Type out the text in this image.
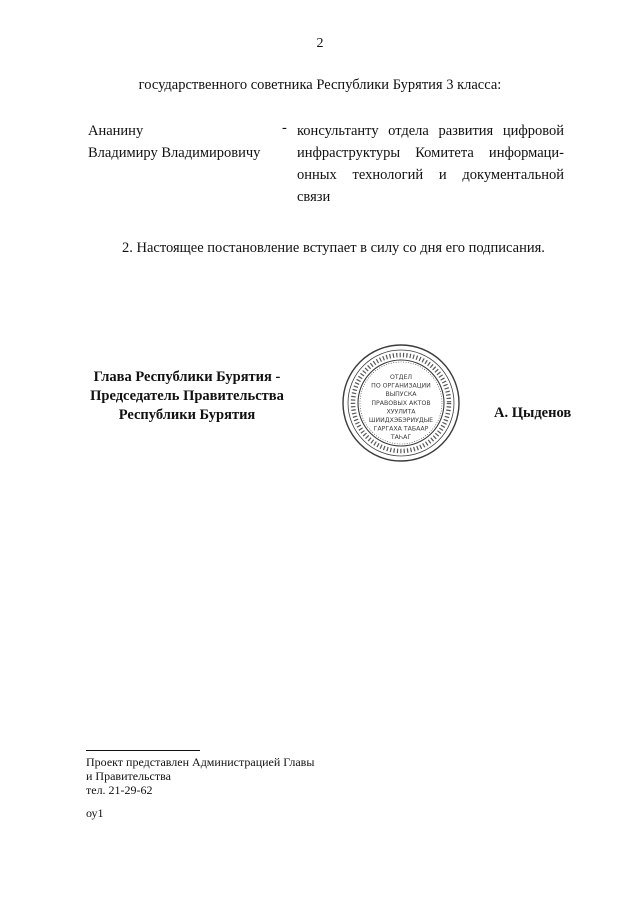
2
государственного советника Республики Бурятия 3 класса:
Ананину
Владимиру Владимировичу
- консультанту отдела развития цифровой
инфраструктуры Комитета информаци-
онных технологий и документальной
связи
2. Настоящее постановление вступает в силу со дня его подписания.
Глава Республики Бурятия -
Председатель Правительства
Республики Бурятия
ОТДЕЛ
ПО ОРГАНИЗАЦИИ
ВЫПУСКА
ПРАВОВЫХ АКТОВ
ХУУЛИТА
ШИИДХЭБЭРИУДЫЕ
ГАРГАХА ТАБААР
ТАҺАГ
А. Цыденов
Проект представлен Администрацией Главы
и Правительства
тел. 21-29-62
оу1
